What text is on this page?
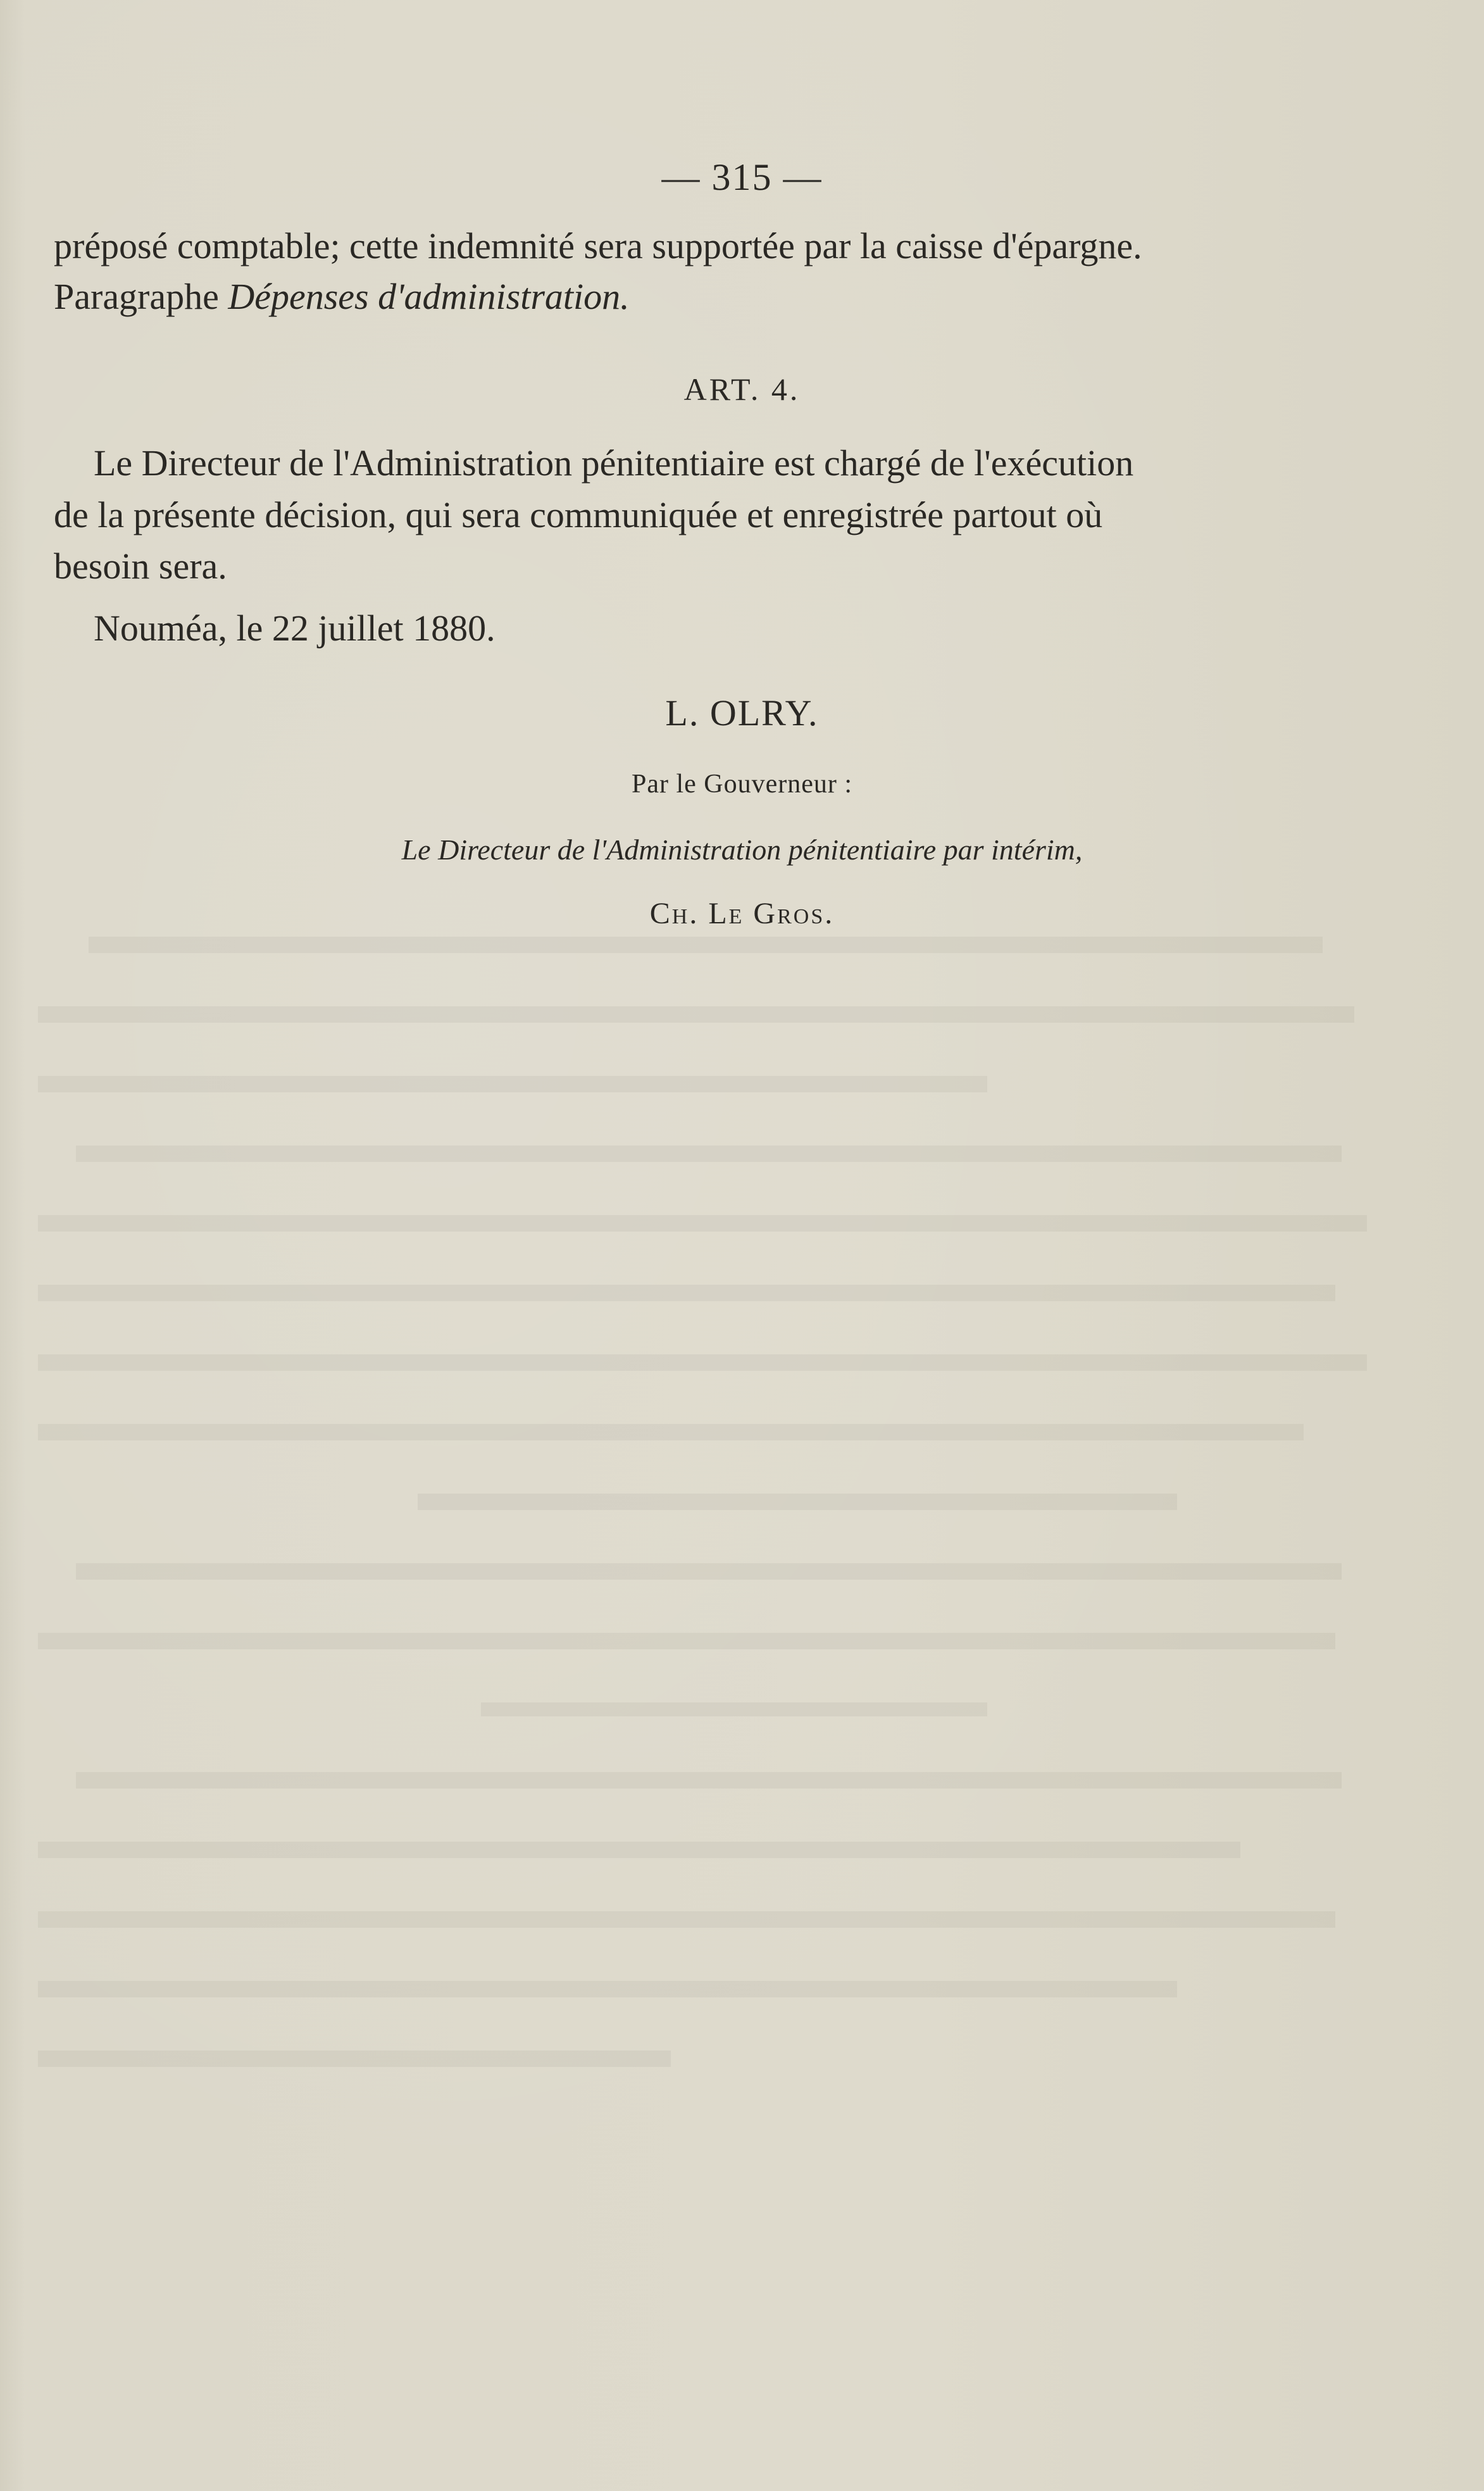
— 315 —
préposé comptable; cette indemnité sera supportée par la caisse d'épargne.
Paragraphe Dépenses d'administration.
ART. 4.
Le Directeur de l'Administration pénitentiaire est chargé de l'exécution
de la présente décision, qui sera communiquée et enregistrée partout où
besoin sera.
Nouméa, le 22 juillet 1880.
L. OLRY.
Par le Gouverneur :
Le Directeur de l'Administration pénitentiaire par intérim,
Ch. Le Gros.
